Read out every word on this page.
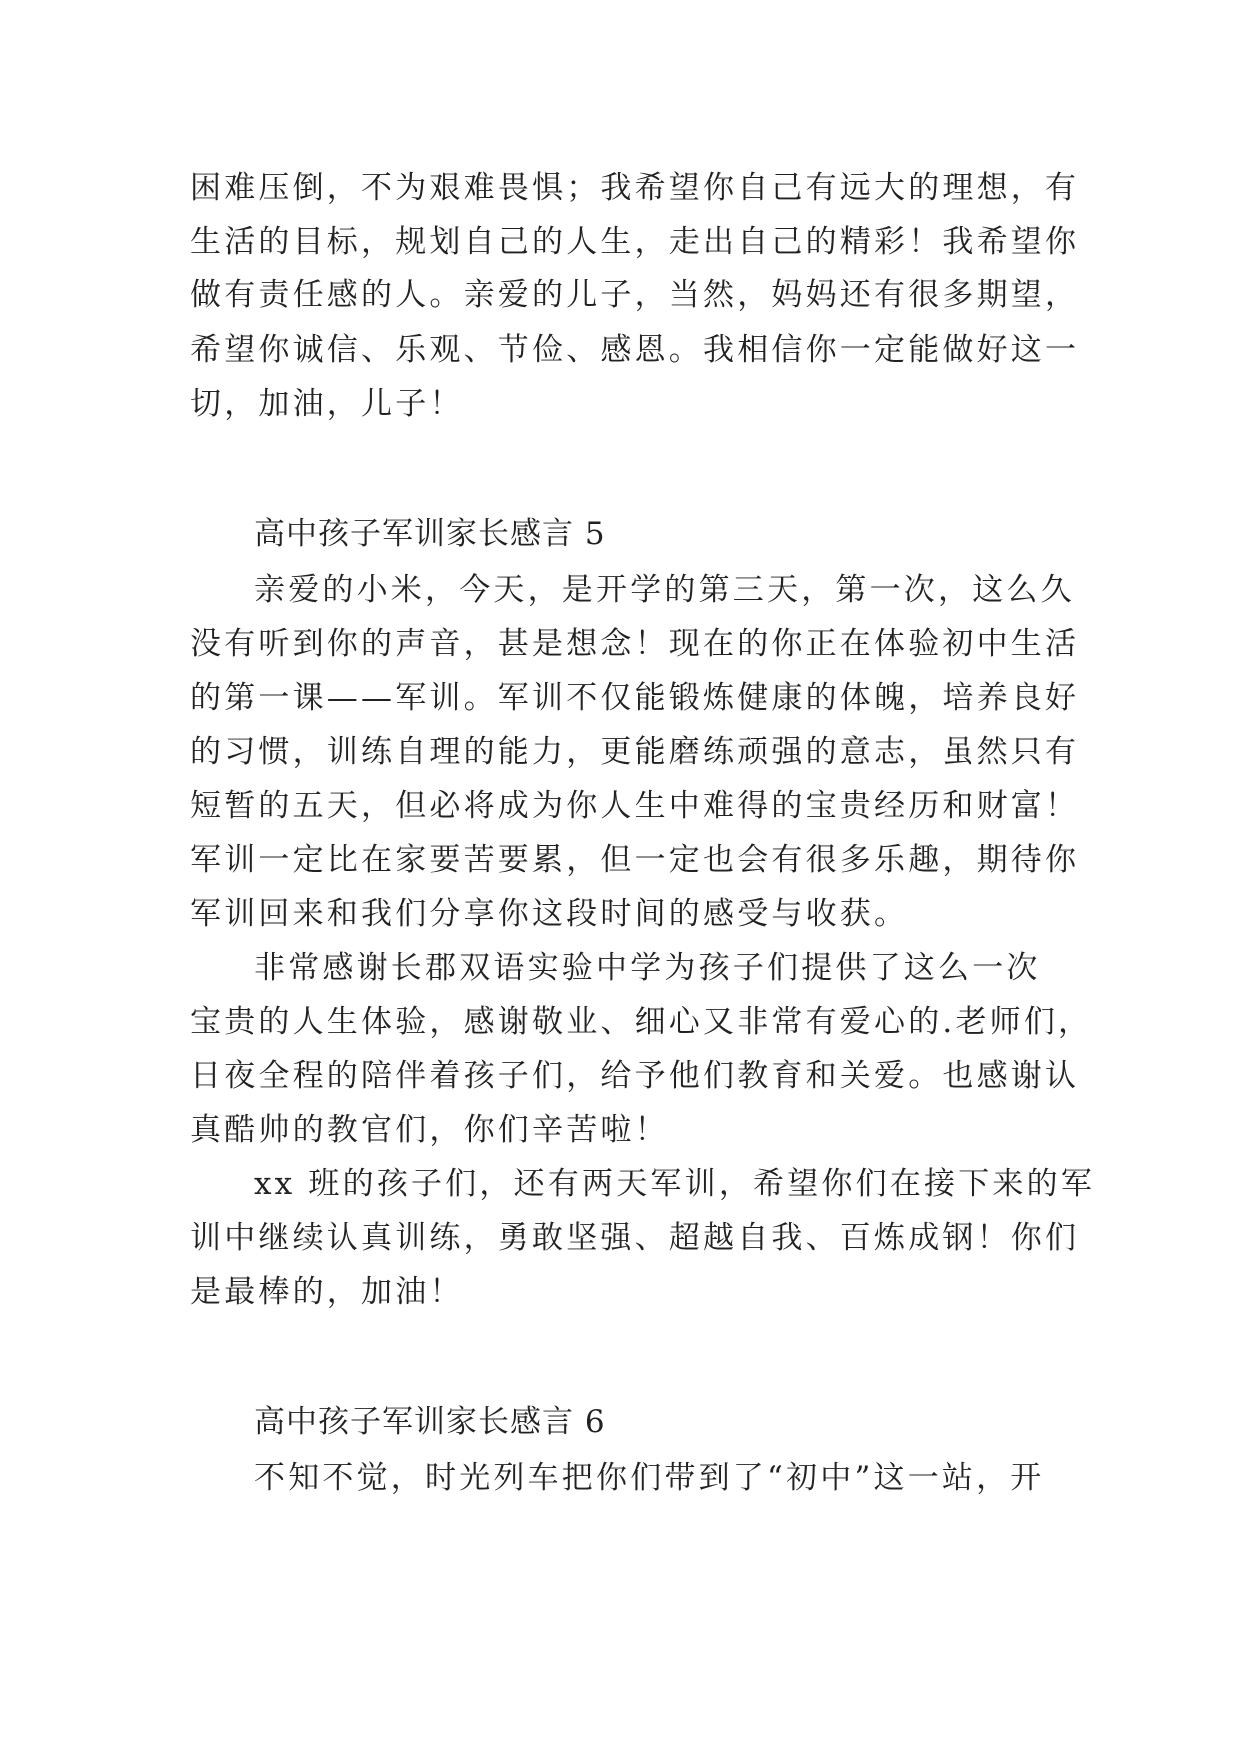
困难压倒，不为艰难畏惧；我希望你自己有远大的理想，有
生活的目标，规划自己的人生，走出自己的精彩！我希望你
做有责任感的人。亲爱的儿子，当然，妈妈还有很多期望，
希望你诚信、乐观、节俭、感恩。我相信你一定能做好这一
切，加油，儿子！
高中孩子军训家长感言 5
亲爱的小米，今天，是开学的第三天，第一次，这么久
没有听到你的声音，甚是想念！现在的你正在体验初中生活
的第一课——军训。军训不仅能锻炼健康的体魄，培养良好
的习惯，训练自理的能力，更能磨练顽强的意志，虽然只有
短暂的五天，但必将成为你人生中难得的宝贵经历和财富！
军训一定比在家要苦要累，但一定也会有很多乐趣，期待你
军训回来和我们分享你这段时间的感受与收获。
非常感谢长郡双语实验中学为孩子们提供了这么一次
宝贵的人生体验，感谢敬业、细心又非常有爱心的.老师们，
日夜全程的陪伴着孩子们，给予他们教育和关爱。也感谢认
真酷帅的教官们，你们辛苦啦！
xx 班的孩子们，还有两天军训，希望你们在接下来的军
训中继续认真训练，勇敢坚强、超越自我、百炼成钢！你们
是最棒的，加油！
高中孩子军训家长感言 6
不知不觉，时光列车把你们带到了“初中”这一站，开
